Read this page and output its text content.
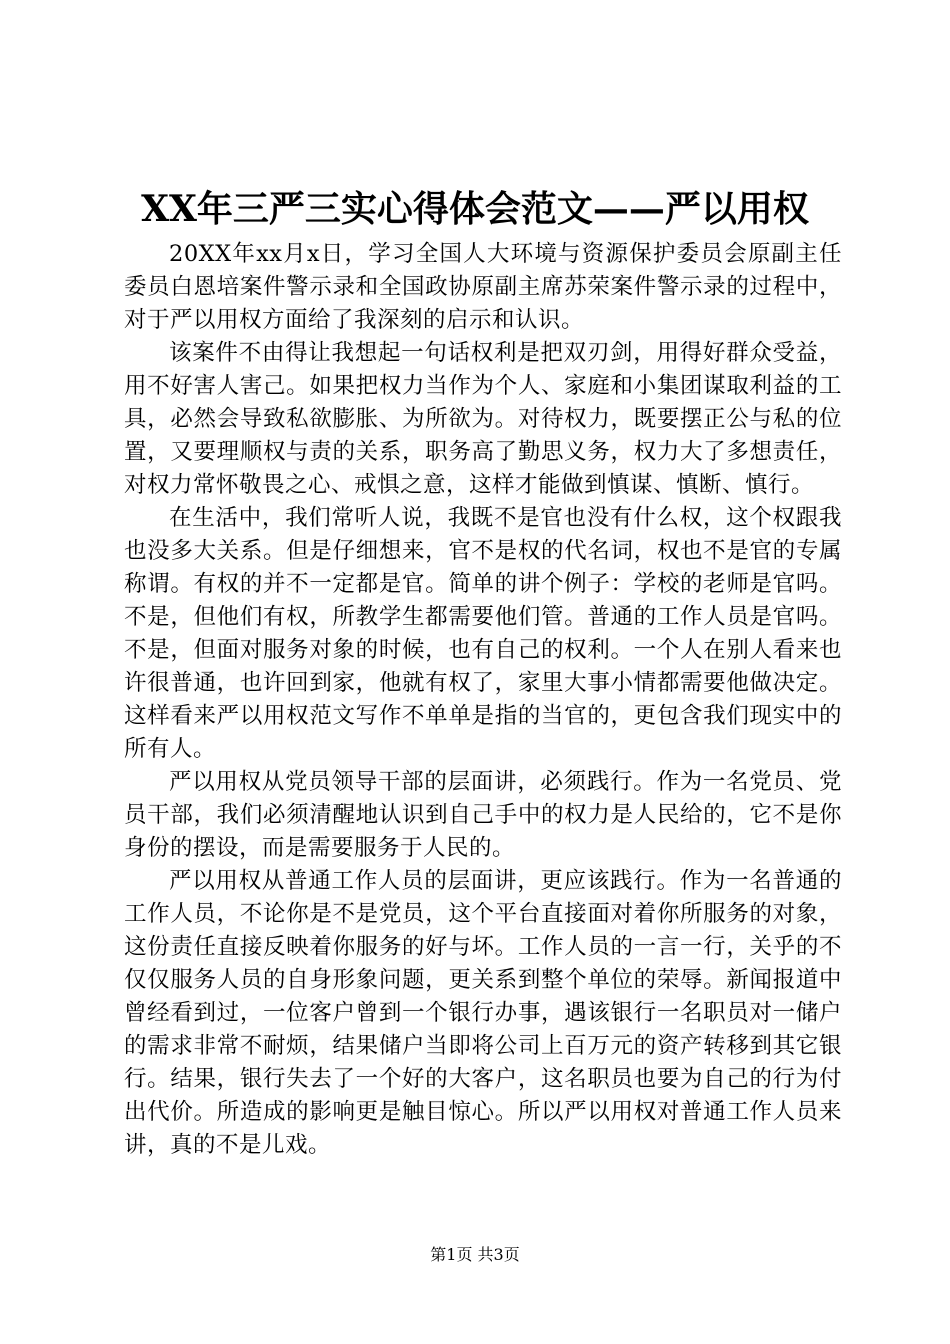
XX年三严三实心得体会范文——严以用权

20XX年xx月x日，学习全国人大环境与资源保护委员会原副主任委员白恩培案件警示录和全国政协原副主席苏荣案件警示录的过程中，对于严以用权方面给了我深刻的启示和认识。

该案件不由得让我想起一句话权利是把双刃剑，用得好群众受益，用不好害人害己。如果把权力当作为个人、家庭和小集团谋取利益的工具，必然会导致私欲膨胀、为所欲为。对待权力，既要摆正公与私的位置，又要理顺权与责的关系，职务高了勤思义务，权力大了多想责任，对权力常怀敬畏之心、戒惧之意，这样才能做到慎谋、慎断、慎行。

在生活中，我们常听人说，我既不是官也没有什么权，这个权跟我也没多大关系。但是仔细想来，官不是权的代名词，权也不是官的专属称谓。有权的并不一定都是官。简单的讲个例子：学校的老师是官吗。不是，但他们有权，所教学生都需要他们管。普通的工作人员是官吗。不是，但面对服务对象的时候，也有自己的权利。一个人在别人看来也许很普通，也许回到家，他就有权了，家里大事小情都需要他做决定。这样看来严以用权范文写作不单单是指的当官的，更包含我们现实中的所有人。

严以用权从党员领导干部的层面讲，必须践行。作为一名党员、党员干部，我们必须清醒地认识到自己手中的权力是人民给的，它不是你身份的摆设，而是需要服务于人民的。

严以用权从普通工作人员的层面讲，更应该践行。作为一名普通的工作人员，不论你是不是党员，这个平台直接面对着你所服务的对象，这份责任直接反映着你服务的好与坏。工作人员的一言一行，关乎的不仅仅服务人员的自身形象问题，更关系到整个单位的荣辱。新闻报道中曾经看到过，一位客户曾到一个银行办事，遇该银行一名职员对一储户的需求非常不耐烦，结果储户当即将公司上百万元的资产转移到其它银行。结果，银行失去了一个好的大客户，这名职员也要为自己的行为付出代价。所造成的影响更是触目惊心。所以严以用权对普通工作人员来讲，真的不是儿戏。

第1页 共3页
